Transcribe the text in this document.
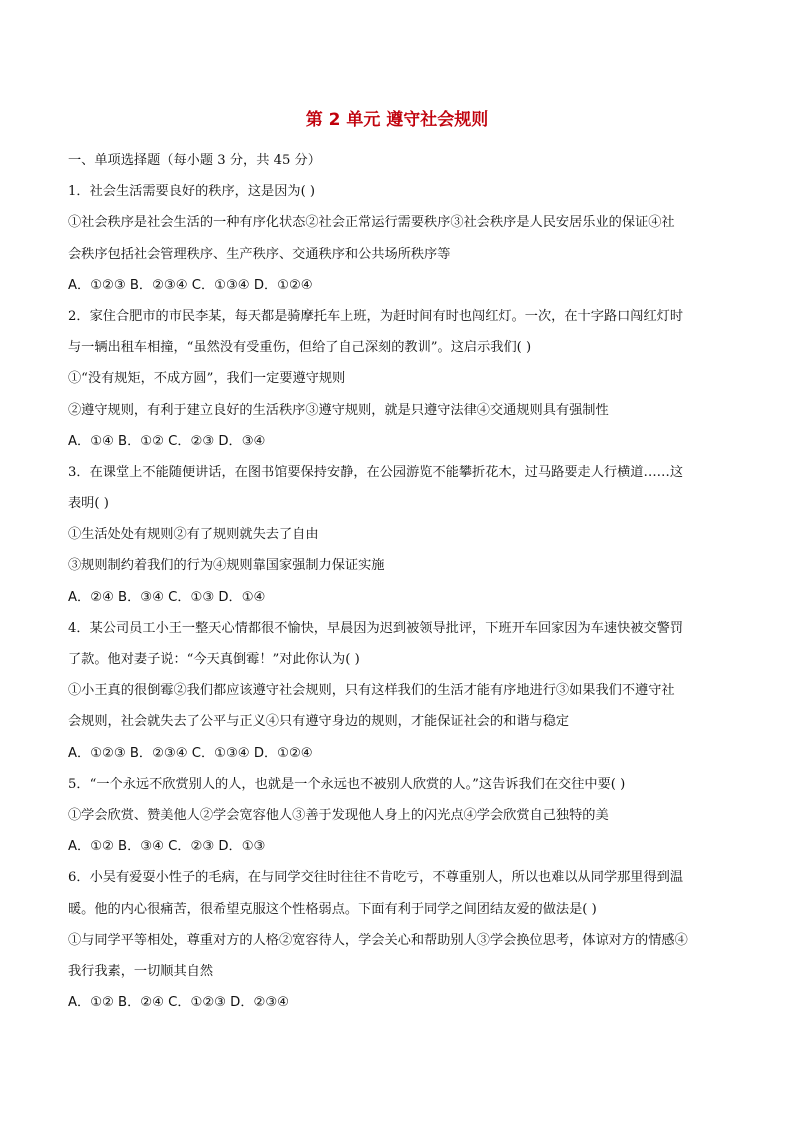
第 2 单元 遵守社会规则
一、单项选择题（每小题 3 分，共 45 分）
1．社会生活需要良好的秩序，这是因为( )
①社会秩序是社会生活的一种有序化状态②社会正常运行需要秩序③社会秩序是人民安居乐业的保证④社
会秩序包括社会管理秩序、生产秩序、交通秩序和公共场所秩序等
A．①②③ B．②③④ C．①③④ D．①②④
2．家住合肥市的市民李某，每天都是骑摩托车上班，为赶时间有时也闯红灯。一次，在十字路口闯红灯时
与一辆出租车相撞，“虽然没有受重伤，但给了自己深刻的教训”。这启示我们( )
①“没有规矩，不成方圆”，我们一定要遵守规则
②遵守规则，有利于建立良好的生活秩序③遵守规则，就是只遵守法律④交通规则具有强制性
A．①④ B．①② C．②③ D．③④
3．在课堂上不能随便讲话，在图书馆要保持安静，在公园游览不能攀折花木，过马路要走人行横道……这
表明( )
①生活处处有规则②有了规则就失去了自由
③规则制约着我们的行为④规则靠国家强制力保证实施
A．②④ B．③④ C．①③ D．①④
4．某公司员工小王一整天心情都很不愉快，早晨因为迟到被领导批评，下班开车回家因为车速快被交警罚
了款。他对妻子说：“今天真倒霉！”对此你认为( )
①小王真的很倒霉②我们都应该遵守社会规则，只有这样我们的生活才能有序地进行③如果我们不遵守社
会规则，社会就失去了公平与正义④只有遵守身边的规则，才能保证社会的和谐与稳定
A．①②③ B．②③④ C．①③④ D．①②④
5．“一个永远不欣赏别人的人，也就是一个永远也不被别人欣赏的人。”这告诉我们在交往中要( )
①学会欣赏、赞美他人②学会宽容他人③善于发现他人身上的闪光点④学会欣赏自己独特的美
A．①② B．③④ C．②③ D．①③
6．小吴有爱耍小性子的毛病，在与同学交往时往往不肯吃亏，不尊重别人，所以也难以从同学那里得到温
暖。他的内心很痛苦，很希望克服这个性格弱点。下面有利于同学之间团结友爱的做法是( )
①与同学平等相处，尊重对方的人格②宽容待人，学会关心和帮助别人③学会换位思考，体谅对方的情感④
我行我素，一切顺其自然
A．①② B．②④ C．①②③ D．②③④
